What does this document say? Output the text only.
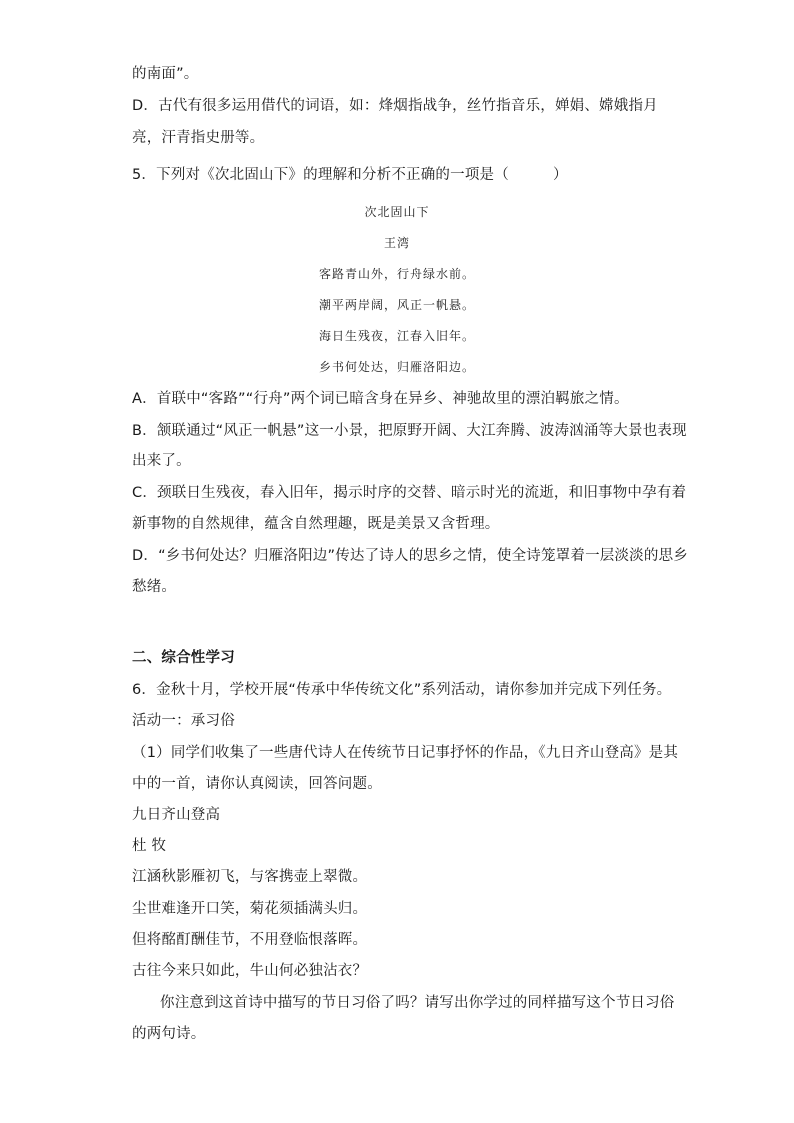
的南面”。
D．古代有很多运用借代的词语，如：烽烟指战争，丝竹指音乐，婵娟、嫦娥指月
亮，汗青指史册等。
5．下列对《次北固山下》的理解和分析不正确的一项是（　　　）
次北固山下
王湾
客路青山外，行舟绿水前。
潮平两岸阔，风正一帆悬。
海日生残夜，江春入旧年。
乡书何处达，归雁洛阳边。
A．首联中“客路”“行舟”两个词已暗含身在异乡、神驰故里的漂泊羁旅之情。
B．颔联通过“风正一帆悬”这一小景，把原野开阔、大江奔腾、波涛汹涌等大景也表现
出来了。
C．颈联日生残夜，春入旧年，揭示时序的交替、暗示时光的流逝，和旧事物中孕有着
新事物的自然规律，蕴含自然理趣，既是美景又含哲理。
D．“乡书何处达？归雁洛阳边”传达了诗人的思乡之情，使全诗笼罩着一层淡淡的思乡
愁绪。
二、综合性学习
6．金秋十月，学校开展“传承中华传统文化”系列活动，请你参加并完成下列任务。
活动一：承习俗
（1）同学们收集了一些唐代诗人在传统节日记事抒怀的作品，《九日齐山登高》是其
中的一首，请你认真阅读，回答问题。
九日齐山登高
杜 牧
江涵秋影雁初飞，与客携壶上翠微。
尘世难逢开口笑，菊花须插满头归。
但将酩酊酬佳节，不用登临恨落晖。
古往今来只如此，牛山何必独沾衣？
你注意到这首诗中描写的节日习俗了吗？请写出你学过的同样描写这个节日习俗
的两句诗。
